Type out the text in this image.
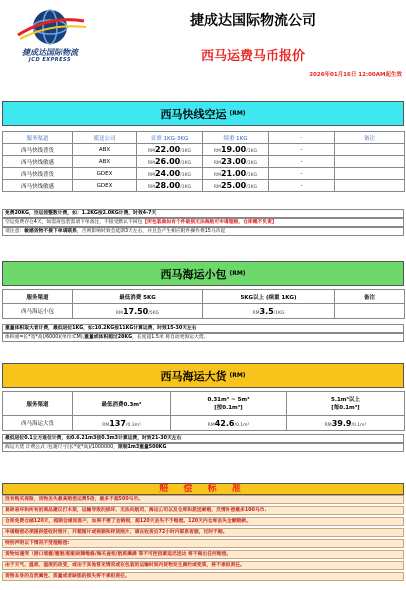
捷成达国际物流
JCD EXPRESS
捷成达国际物流公司
西马运费马币报价
2026年01月16日 12:00AM起生效
西马快线空运 (RM)
服务渠道	派送公司	首重 1KG-3KG	续重 1KG	-	备注
西马快线普货	ABX	RM22.00/1KG	RM19.00/1KG	-	
西马快线敏感	ABX	RM26.00/1KG	RM23.00/1KG	-	
西马快线普货	GDEX	RM24.00/1KG	RM21.00/1KG	-	
西马快线敏感	GDEX	RM28.00/1KG	RM25.00/1KG	-	
免费20KG，空运按整数计费，如：1.2KG按2.0KG计费，时效4-7天
空运免费存仓4天，如需再包装需请下单备注，不接受默认不回包【所包装裁如有个件破损无法海航可申请理赔，仓库概不负责】
请注意：敏感货物不接下单请联系，否则影响时效会延期3天左右，并且会产生相应附件操作费15马币起
西马海运小包 (RM)
服务渠道	最低消费 5KG	5KG以上 (续重 1KG)	备注
西马海运小包	RM17.50/5KG	RM3.5/1KG	
重量体积取大者计费，最低进位1KG，如:10.2KG按11KG计算运费，时效15-30天左右
体积重=长*宽*高(/6000)(单位:CM),重量或体积超过28KG，长度超1.5米 将自动更海运大货。
西马海运大货 (RM)
服务渠道	最低消费0.3m³	0.31m³ ~ 5m³
[按0.1m³]	5.1m³以上
[每0.1m³]
西马海运大货	RM137/0.3m³	RM42.6/0.1m³	RM39.9/0.1m³
最低进位0.1立方进位计费，如0.6.21m3按0.3m3计算运费，时效21-30天左右
海运大货 计费公式 :包裹尺寸(长*宽*高)/1000000，限制1m3重量500KG
赔 偿 标 准
没有购买保险，货物丢失最高赔偿运费5倍，最多不超500马币。
易碎易坏和所有的商品建议打木架，运输导致的损坏、无法向航司、海运公司以及仓库和派送索赔，反情补偿最多100马币.
仓库免费仓储120天，超期会通知客户，如果不要了会销毁，超120天丢失不予赔偿。120天内仓库丢失全额赔款。
申请赔偿必须提供签收时照片、开箱图片或视频和样货照片，请在收货后72小时内联系客服，过时不赔。
特别声明以下情况不受理赔偿:
货物如遇突（港口堵塞/塞港/船舶故障维修/海关查柜/航班爆满 等不可控因素延迟送达 将不做出任何赔偿。
由于天气、温度、湿度的改变，或由于其他常见情况或在包装的运输时间内货物发生腐烂或变质，将不承担责任。
货物本身的自然属性、质量或者缺陷的损失将不承担责任。
